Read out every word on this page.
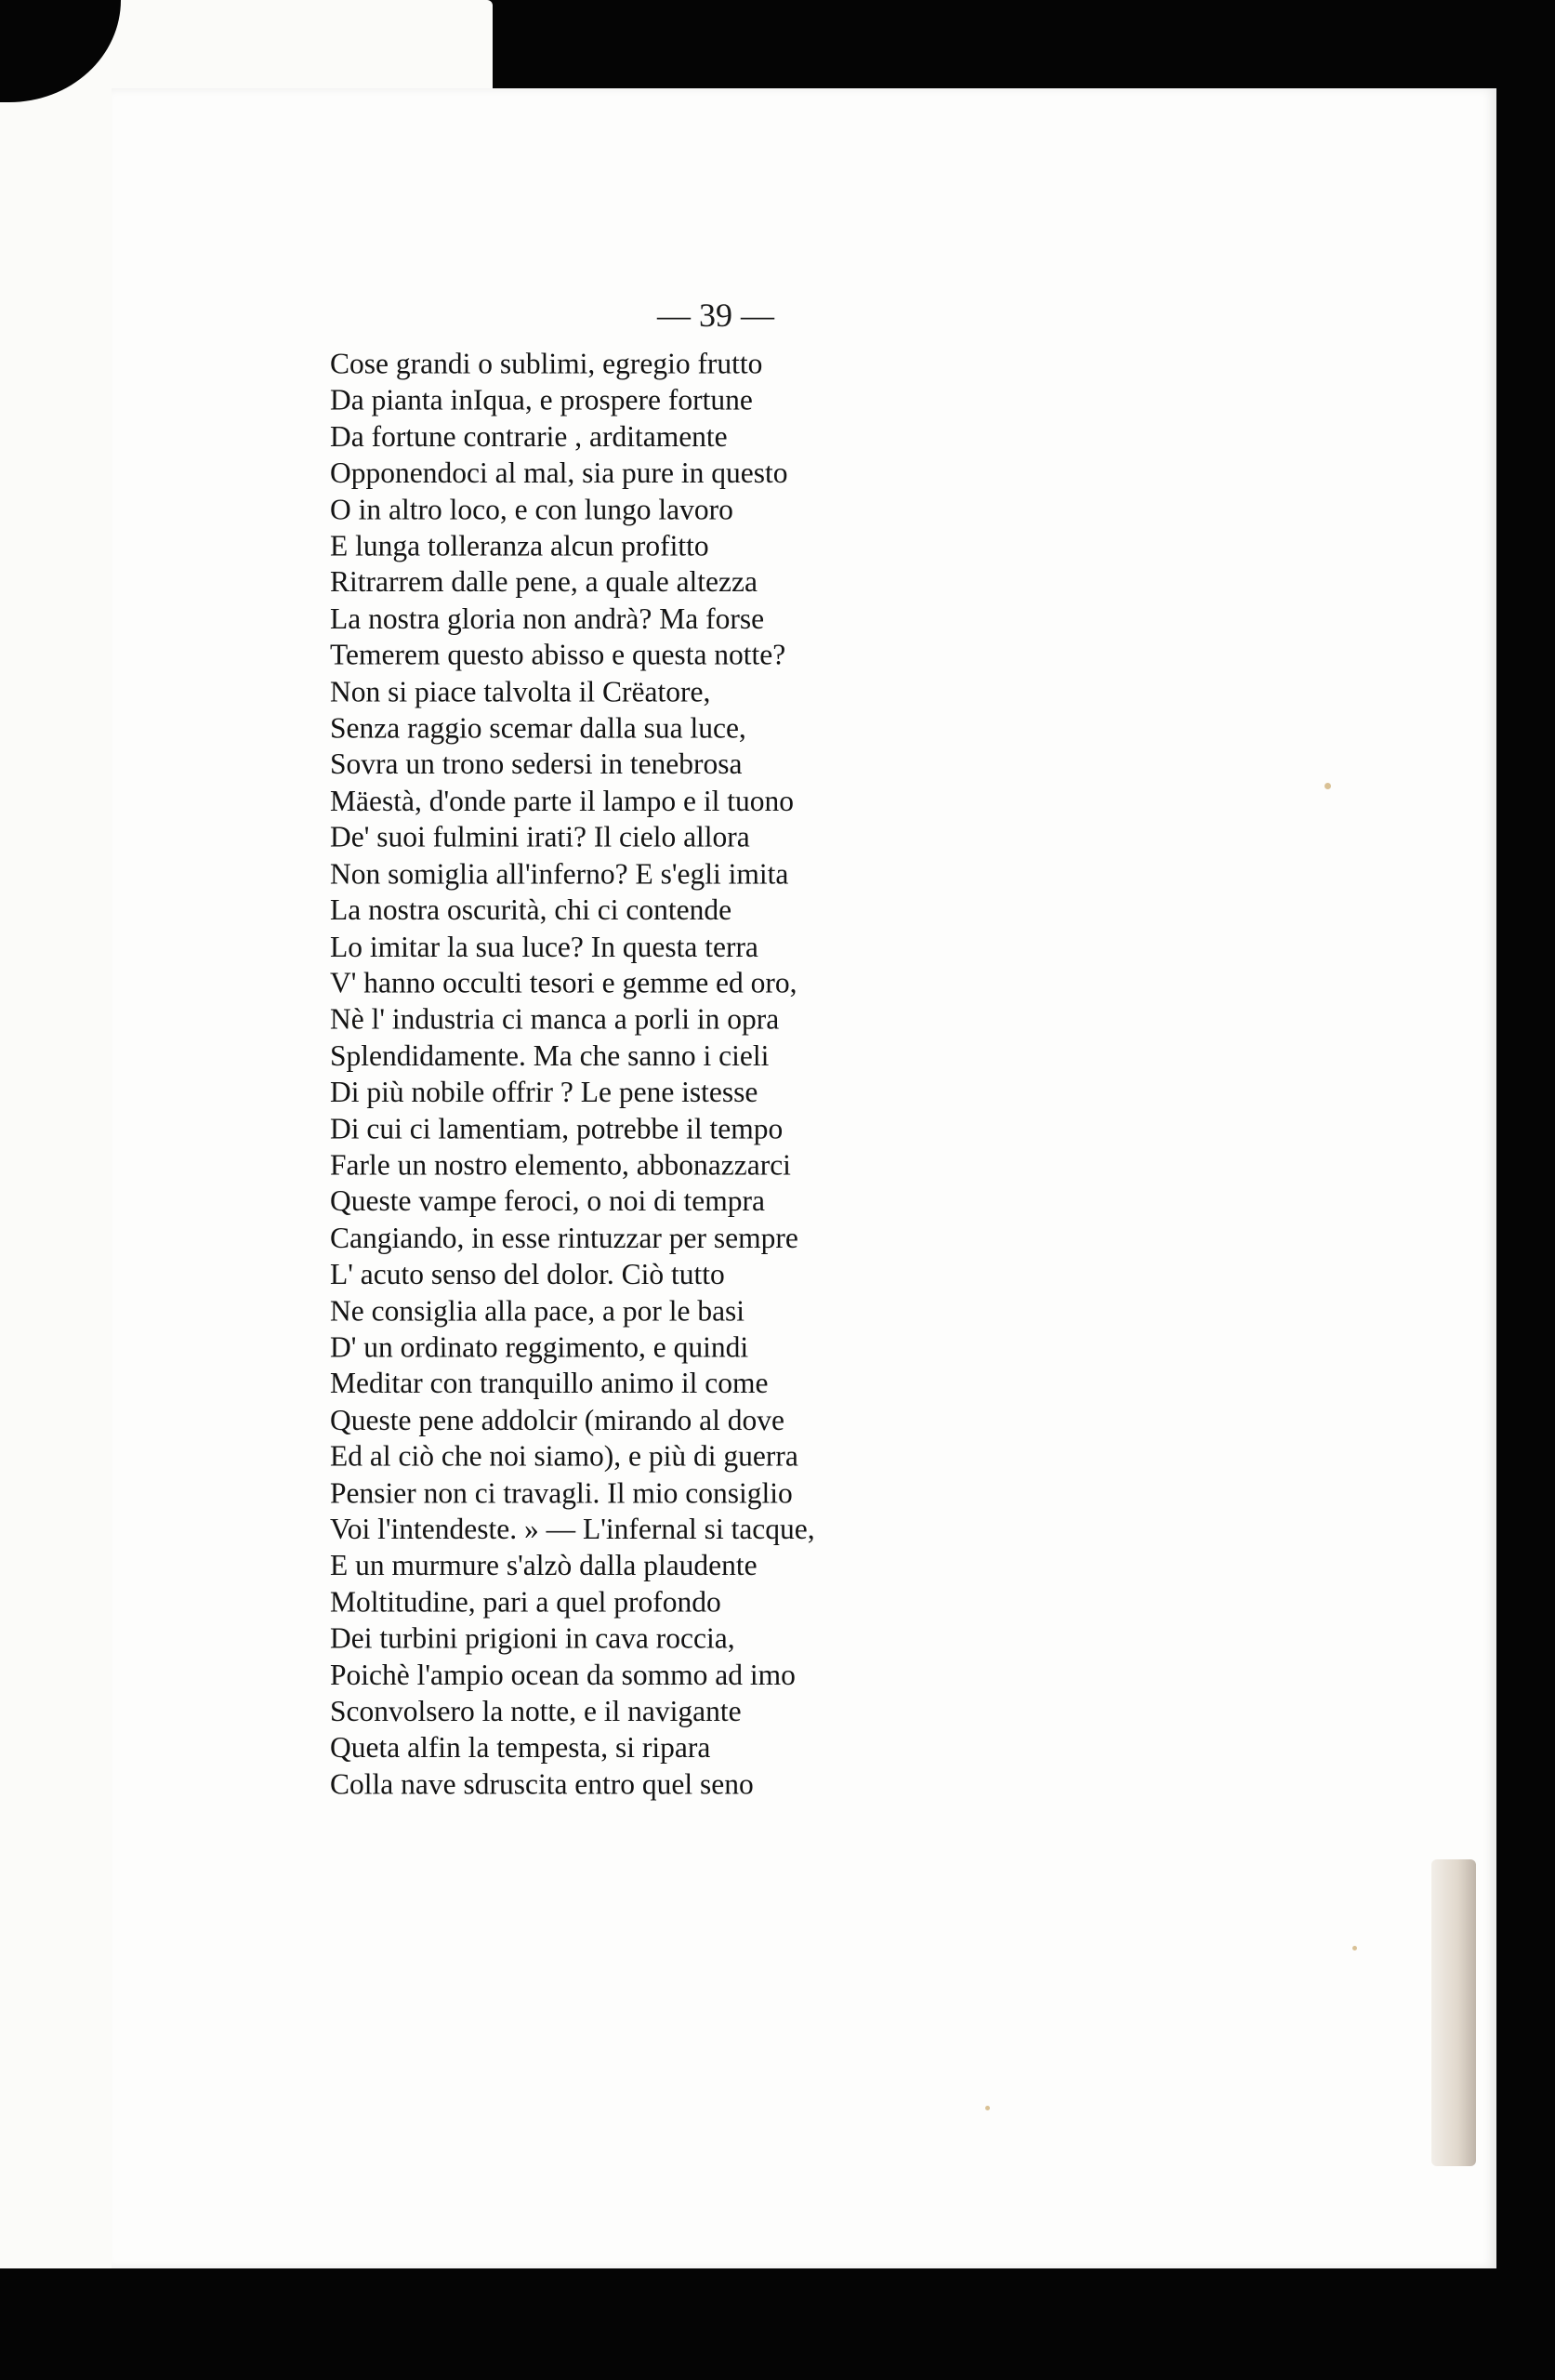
— 39 —
Cose grandi o sublimi, egregio frutto
Da pianta inIqua, e prospere fortune
Da fortune contrarie , arditamente
Opponendoci al mal, sia pure in questo
O in altro loco, e con lungo lavoro
E lunga tolleranza alcun profitto
Ritrarrem dalle pene, a quale altezza
La nostra gloria non andrà? Ma forse
Temerem questo abisso e questa notte?
Non si piace talvolta il Crëatore,
Senza raggio scemar dalla sua luce,
Sovra un trono sedersi in tenebrosa
Mäestà, d'onde parte il lampo e il tuono
De' suoi fulmini irati? Il cielo allora
Non somiglia all'inferno? E s'egli imita
La nostra oscurità, chi ci contende
Lo imitar la sua luce? In questa terra
V' hanno occulti tesori e gemme ed oro,
Nè l' industria ci manca a porli in opra
Splendidamente. Ma che sanno i cieli
Di più nobile offrir ? Le pene istesse
Di cui ci lamentiam, potrebbe il tempo
Farle un nostro elemento, abbonazzarci
Queste vampe feroci, o noi di tempra
Cangiando, in esse rintuzzar per sempre
L' acuto senso del dolor. Ciò tutto
Ne consiglia alla pace, a por le basi
D' un ordinato reggimento, e quindi
Meditar con tranquillo animo il come
Queste pene addolcir (mirando al dove
Ed al ciò che noi siamo), e più di guerra
Pensier non ci travagli. Il mio consiglio
Voi l'intendeste. » — L'infernal si tacque,
E un murmure s'alzò dalla plaudente
Moltitudine, pari a quel profondo
Dei turbini prigioni in cava roccia,
Poichè l'ampio ocean da sommo ad imo
Sconvolsero la notte, e il navigante
Queta alfin la tempesta, si ripara
Colla nave sdruscita entro quel seno
